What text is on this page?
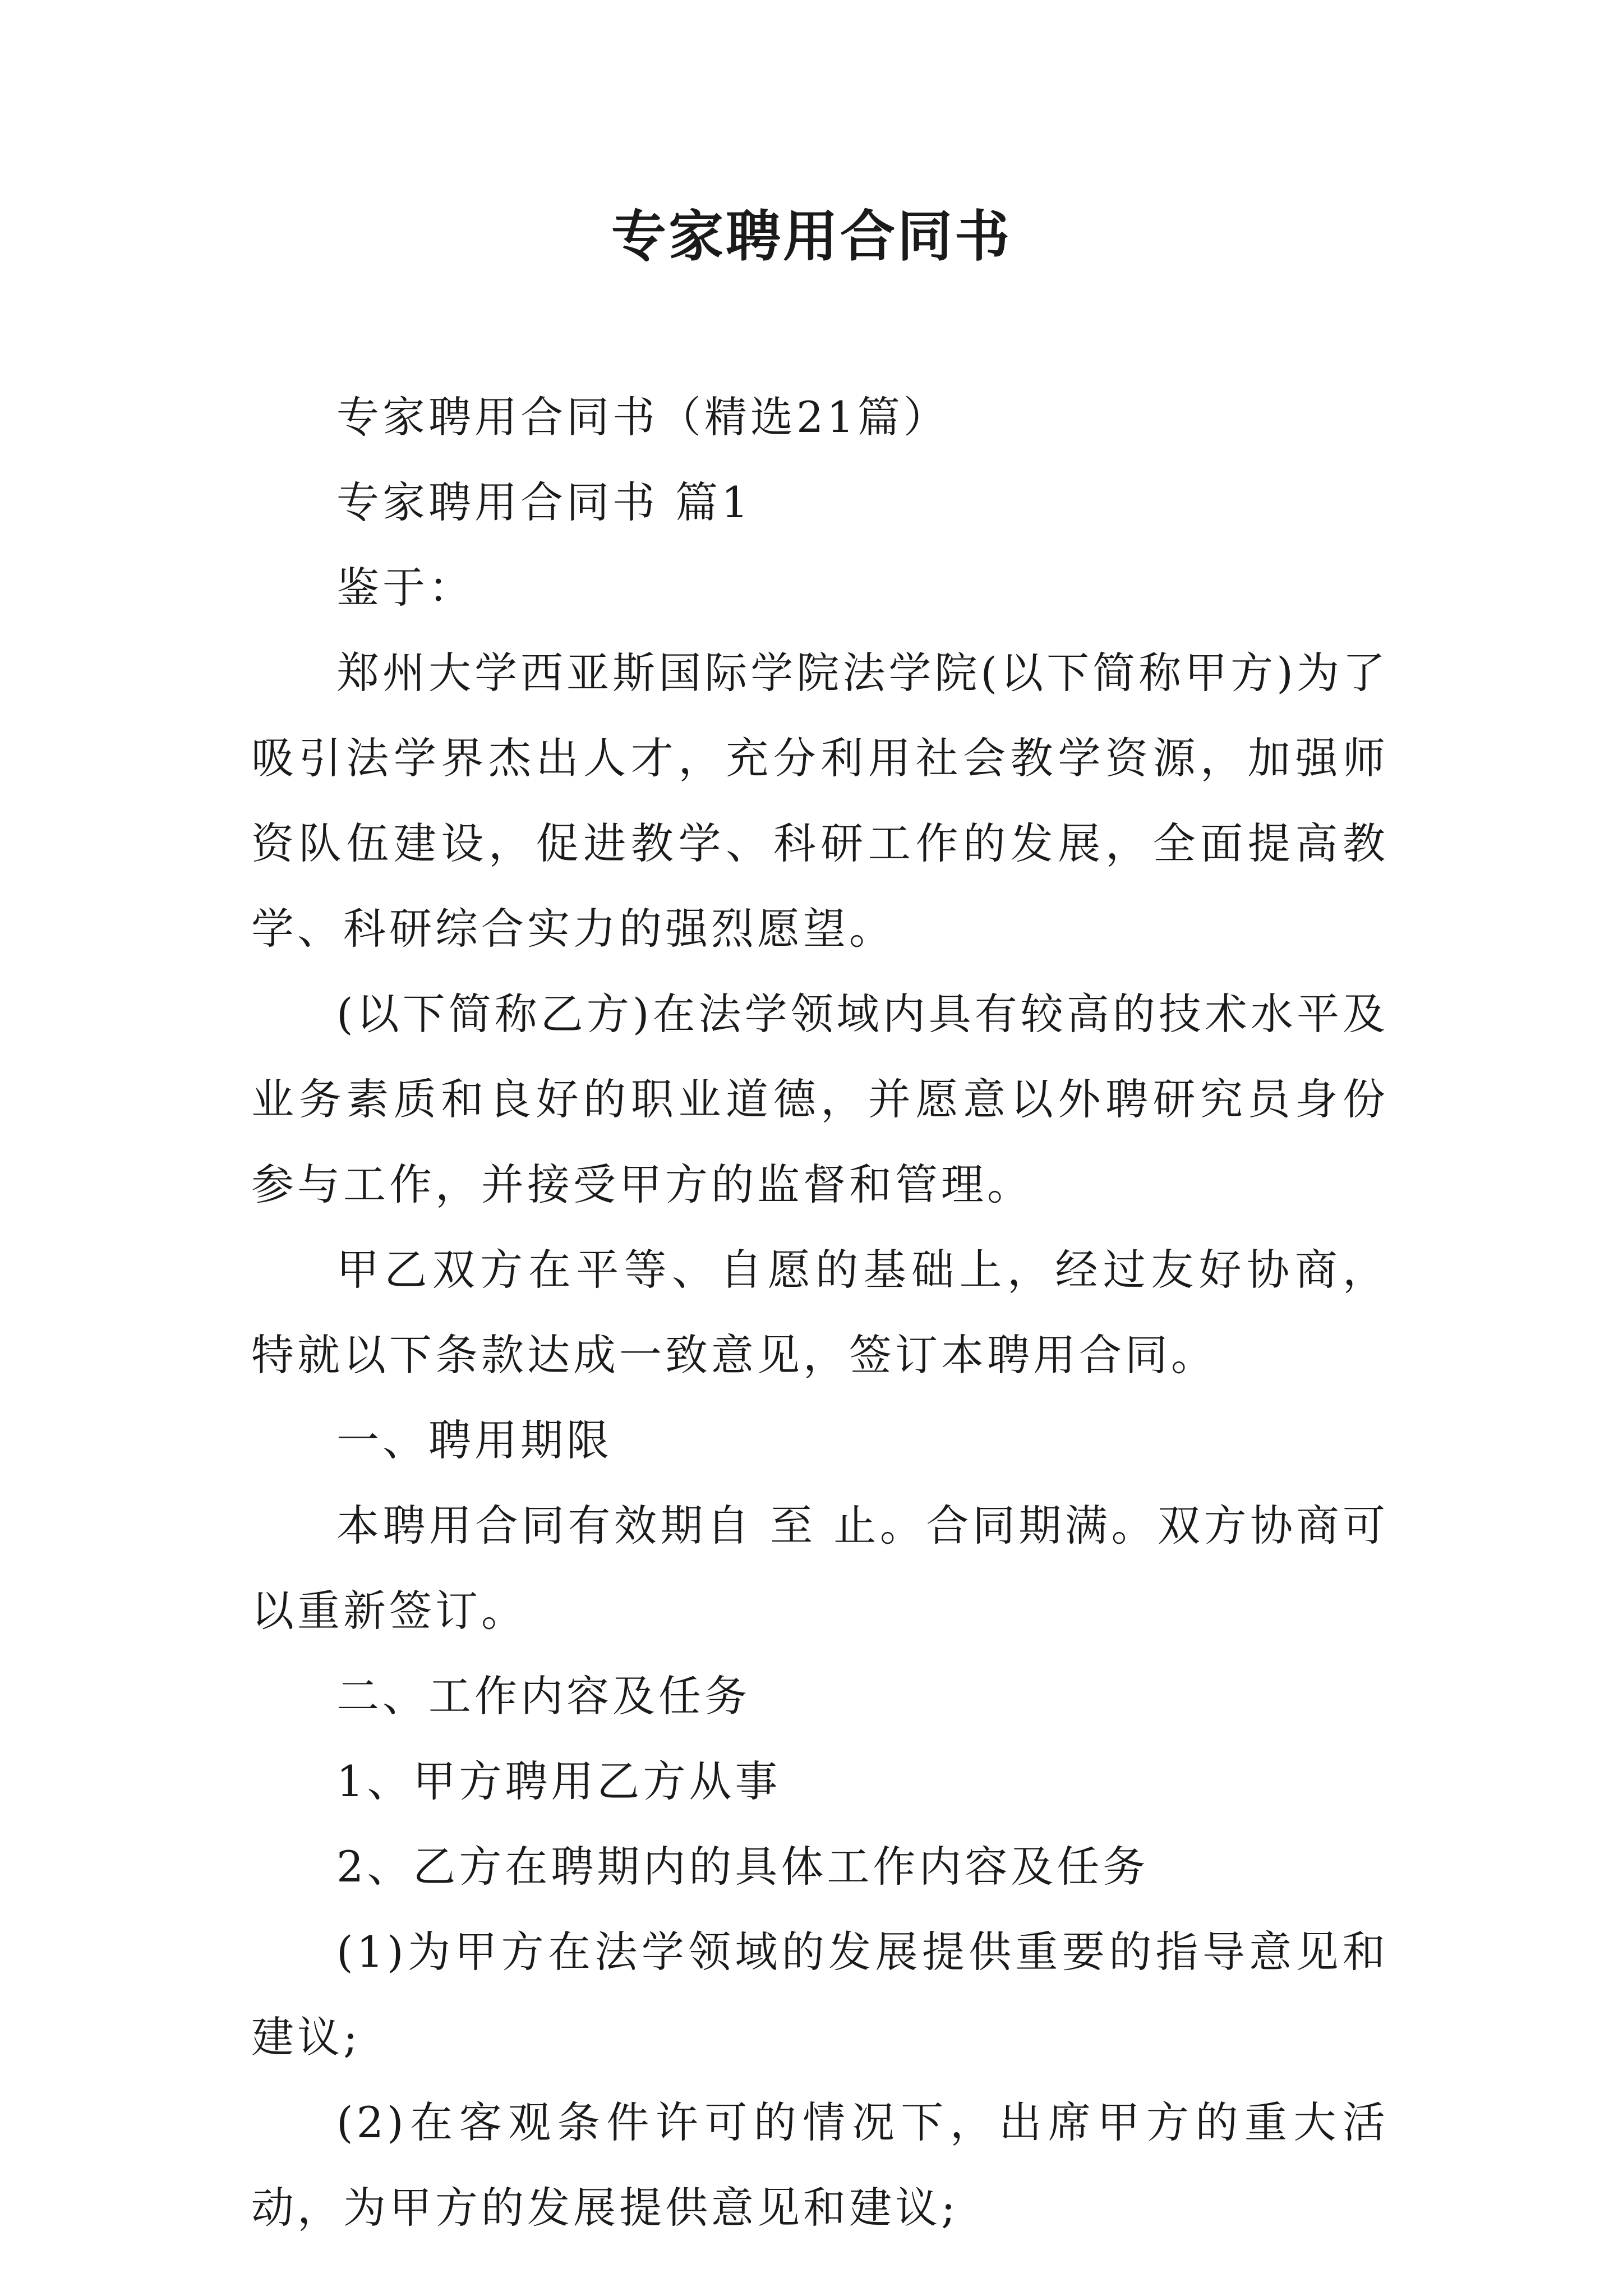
专家聘用合同书

专家聘用合同书（精选21篇）

专家聘用合同书 篇1

鉴于：

郑州大学西亚斯国际学院法学院(以下简称甲方)为了吸引法学界杰出人才，充分利用社会教学资源，加强师资队伍建设，促进教学、科研工作的发展，全面提高教学、科研综合实力的强烈愿望。

(以下简称乙方)在法学领域内具有较高的技术水平及业务素质和良好的职业道德，并愿意以外聘研究员身份参与工作，并接受甲方的监督和管理。

甲乙双方在平等、自愿的基础上，经过友好协商，特就以下条款达成一致意见，签订本聘用合同。

一、聘用期限

本聘用合同有效期自 至 止。合同期满。双方协商可以重新签订。

二、工作内容及任务

1、甲方聘用乙方从事

2、乙方在聘期内的具体工作内容及任务

(1)为甲方在法学领域的发展提供重要的指导意见和建议;

(2)在客观条件许可的情况下，出席甲方的重大活动，为甲方的发展提供意见和建议;
